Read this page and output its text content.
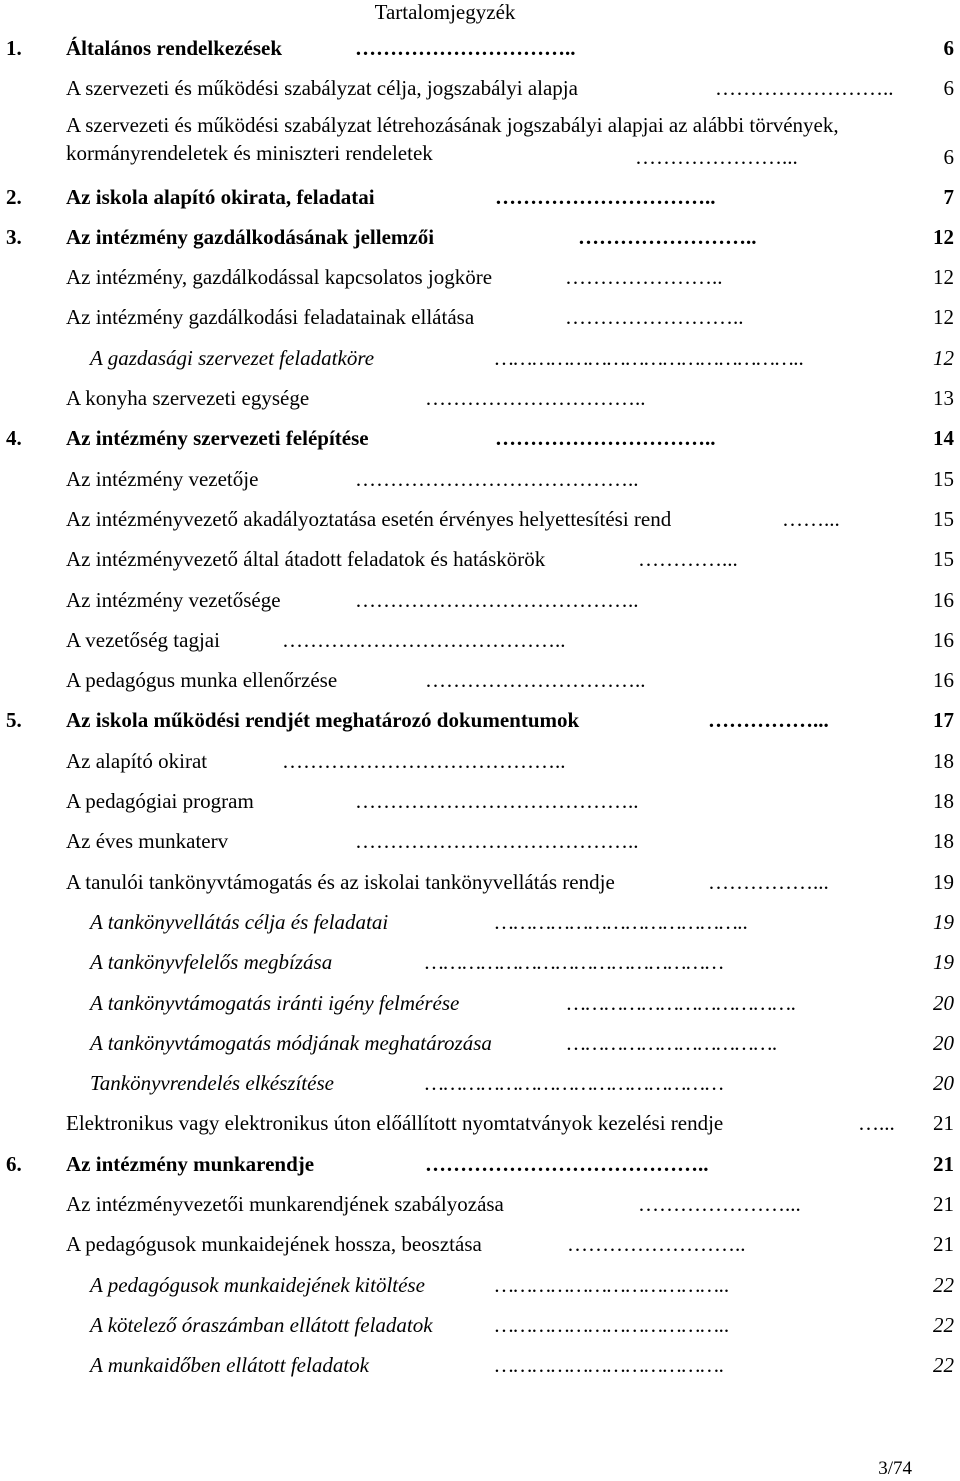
Tartalomjegyzék
1. Általános rendelkezések	…………………………..	6
A szervezeti és működési szabályzat célja, jogszabályi alapja	……………………..	6
A szervezeti és működési szabályzat létrehozásának jogszabályi alapjai az alábbi törvények, kormányrendeletek és miniszteri rendeletek	…………………...	6
2. Az iskola alapító okirata, feladatai	…………………………..	7
3. Az intézmény gazdálkodásának jellemzői	……………………..	12
Az intézmény, gazdálkodással kapcsolatos jogköre	…………………..	12
Az intézmény gazdálkodási feladatainak ellátása	……………………..	12
A gazdasági szervezet feladatköre	…………………………………………..	12
A konyha szervezeti egysége	…………………………..	13
4. Az intézmény szervezeti felépítése	…………………………..	14
Az intézmény vezetője	…………………………………..	15
Az intézményvezető akadályoztatása esetén érvényes helyettesítési rend	……...	15
Az intézményvezető által átadott feladatok és hatáskörök	…………...	15
Az intézmény vezetősége	…………………………………..	16
A vezetőség tagjai	…………………………………..	16
A pedagógus munka ellenőrzése	…………………………..	16
5. Az iskola működési rendjét meghatározó dokumentumok	……………...	17
Az alapító okirat	…………………………………..	18
A pedagógiai program	…………………………………..	18
Az éves munkaterv	…………………………………..	18
A tanulói tankönyvtámogatás és az iskolai tankönyvellátás rendje	……………...	19
A tankönyvellátás célja és feladatai	…………………………………..	19
A tankönyvfelelős megbízása	…………………………………………	19
A tankönyvtámogatás iránti igény felmérése	……………………………….	20
A tankönyvtámogatás módjának meghatározása	…………………………….	20
Tankönyvrendelés elkészítése	…………………………………………	20
Elektronikus vagy elektronikus úton előállított nyomtatványok kezelési rendje	…...	21
6. Az intézmény munkarendje	…………………………………..	21
Az intézményvezetői munkarendjének szabályozása	…………………...	21
A pedagógusok munkaidejének hossza, beosztása	……………………..	21
A pedagógusok munkaidejének kitöltése	………………………………..	22
A kötelező óraszámban ellátott feladatok	………………………………..	22
A munkaidőben ellátott feladatok	……………………………….	22
3/74
